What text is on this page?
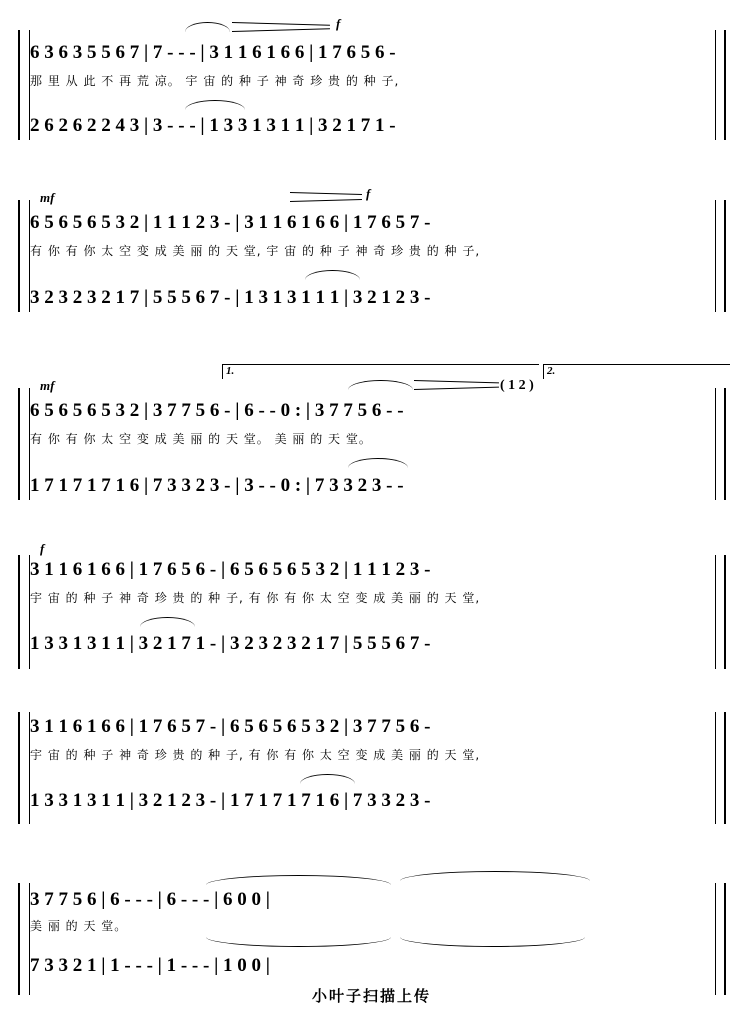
f
6 3 6 3 5 5 6 7 | 7 - - - | 3 1 1 6 1 6 6 | 1 7 6 5 6 -
那 里 从 此 不 再 荒 凉。 宇 宙 的 种 子 神 奇 珍 贵 的 种 子,
2 6 2 6 2 2 4 3 | 3 - - - | 1 3 3 1 3 1 1 | 3 2 1 7 1 -
mf	f
6 5 6 5 6 5 3 2 | 1 1 1 2 3 - | 3 1 1 6 1 6 6 | 1 7 6 5 7 -
有 你 有 你 太 空 变 成 美 丽 的 天 堂, 宇 宙 的 种 子 神 奇 珍 贵 的 种 子,
3 2 3 2 3 2 1 7 | 5 5 5 6 7 - | 1 3 1 3 1 1 1 | 3 2 1 2 3 -
mf
1.	2.
( 1 2 )
6 5 6 5 6 5 3 2 | 3 7 7 5 6 - | 6 - - 0 : | 3 7 7 5 6 - -
有 你 有 你 太 空 变 成 美 丽 的 天 堂。 美 丽 的 天 堂。
1 7 1 7 1 7 1 6 | 7 3 3 2 3 - | 3 - - 0 : | 7 3 3 2 3 - -
f
3 1 1 6 1 6 6 | 1 7 6 5 6 - | 6 5 6 5 6 5 3 2 | 1 1 1 2 3 -
宇 宙 的 种 子 神 奇 珍 贵 的 种 子, 有 你 有 你 太 空 变 成 美 丽 的 天 堂,
1 3 3 1 3 1 1 | 3 2 1 7 1 - | 3 2 3 2 3 2 1 7 | 5 5 5 6 7 -
3 1 1 6 1 6 6 | 1 7 6 5 7 - | 6 5 6 5 6 5 3 2 | 3 7 7 5 6 -
宇 宙 的 种 子 神 奇 珍 贵 的 种 子, 有 你 有 你 太 空 变 成 美 丽 的 天 堂,
1 3 3 1 3 1 1 | 3 2 1 2 3 - | 1 7 1 7 1 7 1 6 | 7 3 3 2 3 -
3 7 7 5 6 | 6 - - - | 6 - - - | 6 0 0 |
美 丽 的 天 堂。
7 3 3 2 1 | 1 - - - | 1 - - - | 1 0 0 |
小叶子扫描上传
